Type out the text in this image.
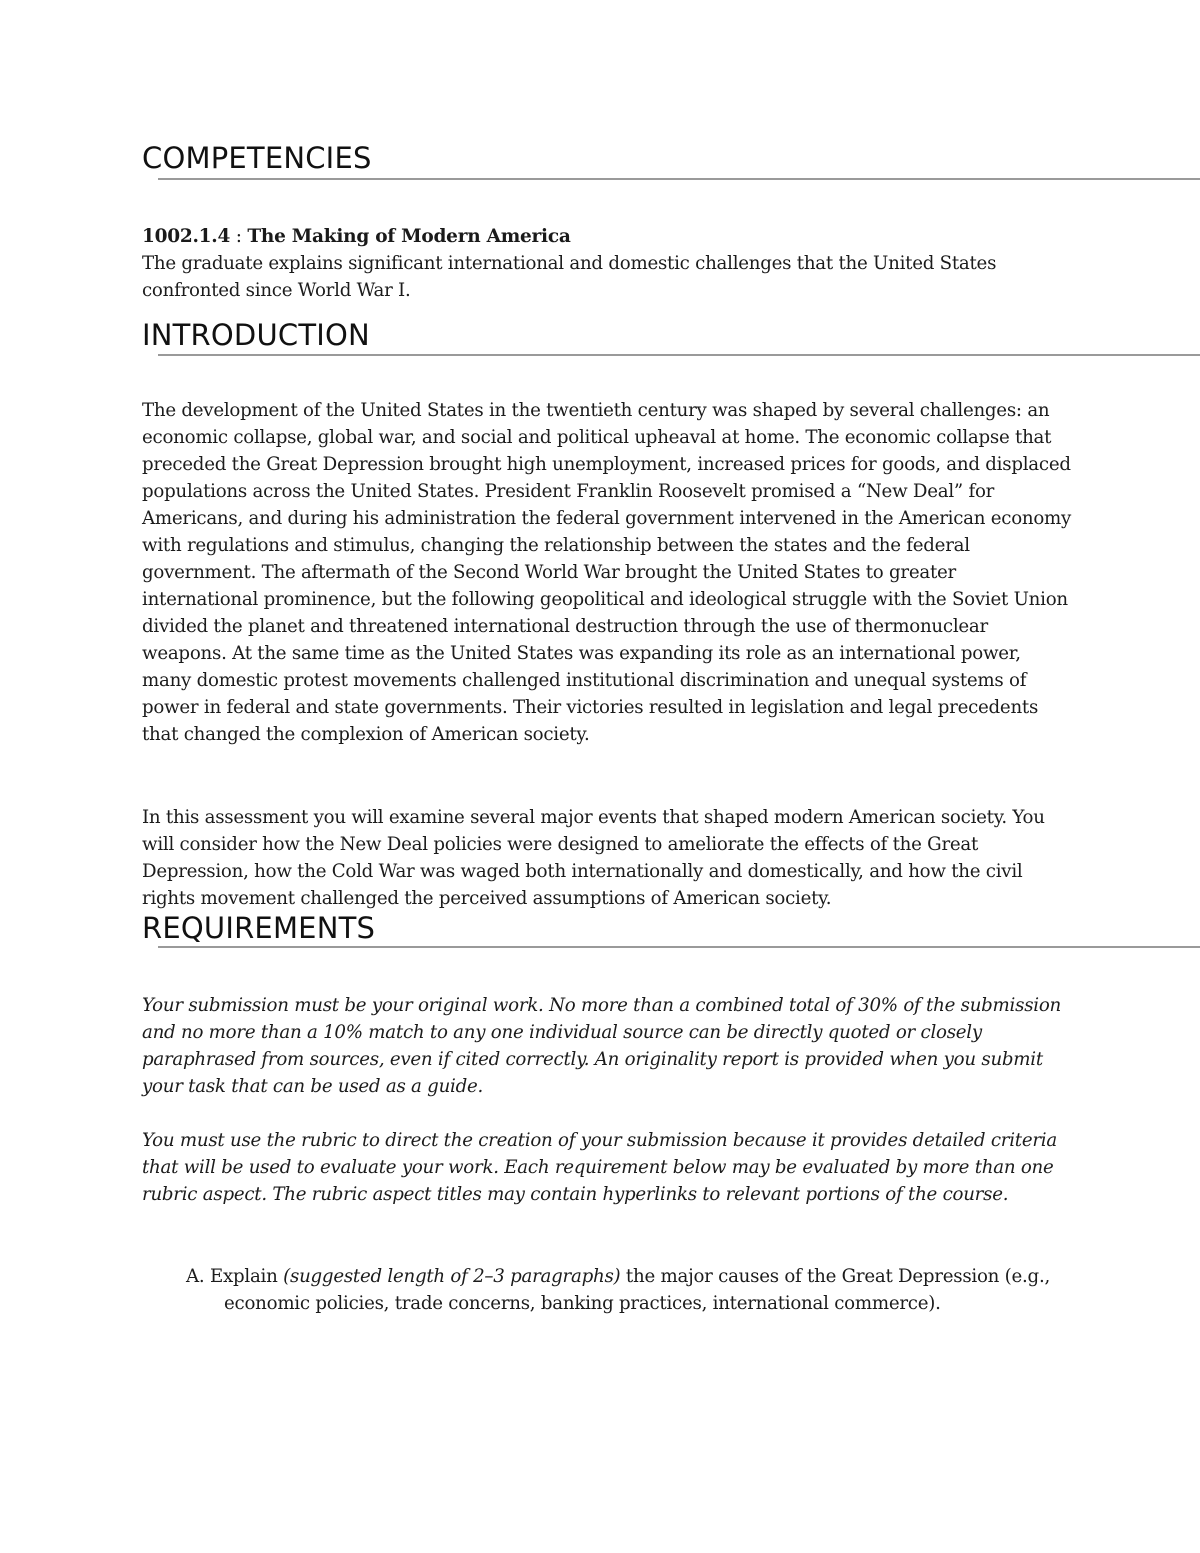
COMPETENCIES

1002.1.4 : The Making of Modern America

The graduate explains significant international and domestic challenges that the United States confronted since World War I.

INTRODUCTION

The development of the United States in the twentieth century was shaped by several challenges: an economic collapse, global war, and social and political upheaval at home. The economic collapse that preceded the Great Depression brought high unemployment, increased prices for goods, and displaced populations across the United States. President Franklin Roosevelt promised a “New Deal” for Americans, and during his administration the federal government intervened in the American economy with regulations and stimulus, changing the relationship between the states and the federal government. The aftermath of the Second World War brought the United States to greater international prominence, but the following geopolitical and ideological struggle with the Soviet Union divided the planet and threatened international destruction through the use of thermonuclear weapons. At the same time as the United States was expanding its role as an international power, many domestic protest movements challenged institutional discrimination and unequal systems of power in federal and state governments. Their victories resulted in legislation and legal precedents that changed the complexion of American society.

In this assessment you will examine several major events that shaped modern American society. You will consider how the New Deal policies were designed to ameliorate the effects of the Great Depression, how the Cold War was waged both internationally and domestically, and how the civil rights movement challenged the perceived assumptions of American society.

REQUIREMENTS

Your submission must be your original work. No more than a combined total of 30% of the submission and no more than a 10% match to any one individual source can be directly quoted or closely paraphrased from sources, even if cited correctly. An originality report is provided when you submit your task that can be used as a guide.

You must use the rubric to direct the creation of your submission because it provides detailed criteria that will be used to evaluate your work. Each requirement below may be evaluated by more than one rubric aspect. The rubric aspect titles may contain hyperlinks to relevant portions of the course.

A. Explain (suggested length of 2–3 paragraphs) the major causes of the Great Depression (e.g., economic policies, trade concerns, banking practices, international commerce).
